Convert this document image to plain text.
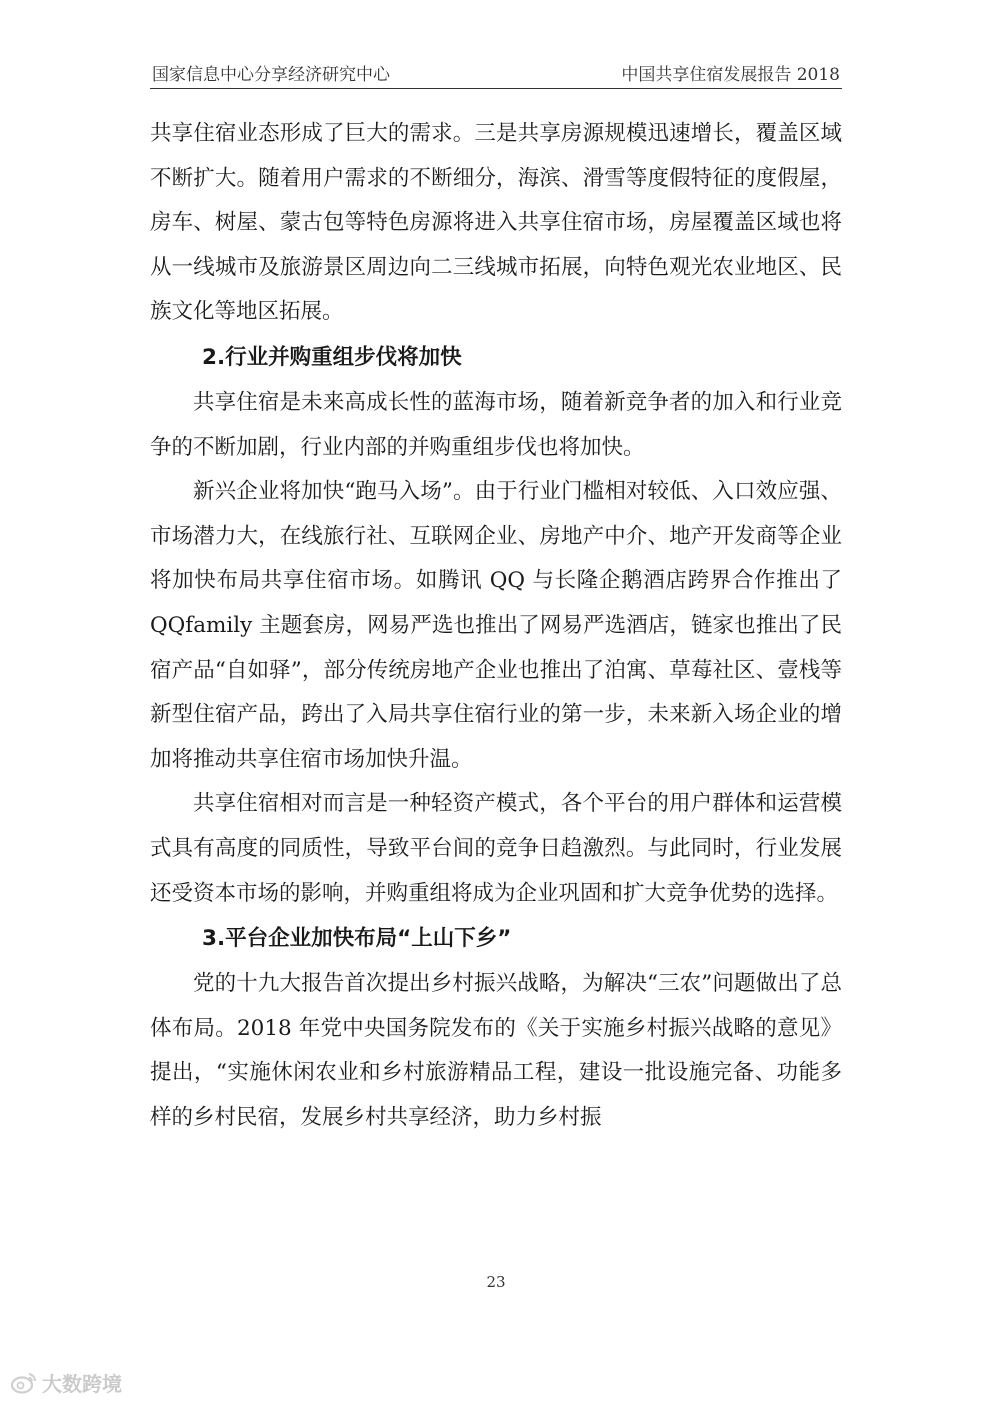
国家信息中心分享经济研究中心	中国共享住宿发展报告 2018

共享住宿业态形成了巨大的需求。三是共享房源规模迅速增长，覆盖区域不断扩大。随着用户需求的不断细分，海滨、滑雪等度假特征的度假屋，房车、树屋、蒙古包等特色房源将进入共享住宿市场，房屋覆盖区域也将从一线城市及旅游景区周边向二三线城市拓展，向特色观光农业地区、民族文化等地区拓展。

2.行业并购重组步伐将加快

共享住宿是未来高成长性的蓝海市场，随着新竞争者的加入和行业竞争的不断加剧，行业内部的并购重组步伐也将加快。

新兴企业将加快“跑马入场”。由于行业门槛相对较低、入口效应强、市场潜力大，在线旅行社、互联网企业、房地产中介、地产开发商等企业将加快布局共享住宿市场。如腾讯 QQ 与长隆企鹅酒店跨界合作推出了 QQfamily 主题套房，网易严选也推出了网易严选酒店，链家也推出了民宿产品“自如驿”，部分传统房地产企业也推出了泊寓、草莓社区、壹栈等新型住宿产品，跨出了入局共享住宿行业的第一步，未来新入场企业的增加将推动共享住宿市场加快升温。

共享住宿相对而言是一种轻资产模式，各个平台的用户群体和运营模式具有高度的同质性，导致平台间的竞争日趋激烈。与此同时，行业发展还受资本市场的影响，并购重组将成为企业巩固和扩大竞争优势的选择。

3.平台企业加快布局“上山下乡”

党的十九大报告首次提出乡村振兴战略，为解决“三农”问题做出了总体布局。2018 年党中央国务院发布的《关于实施乡村振兴战略的意见》提出，“实施休闲农业和乡村旅游精品工程，建设一批设施完备、功能多样的乡村民宿，发展乡村共享经济，助力乡村振

23
大数跨境
